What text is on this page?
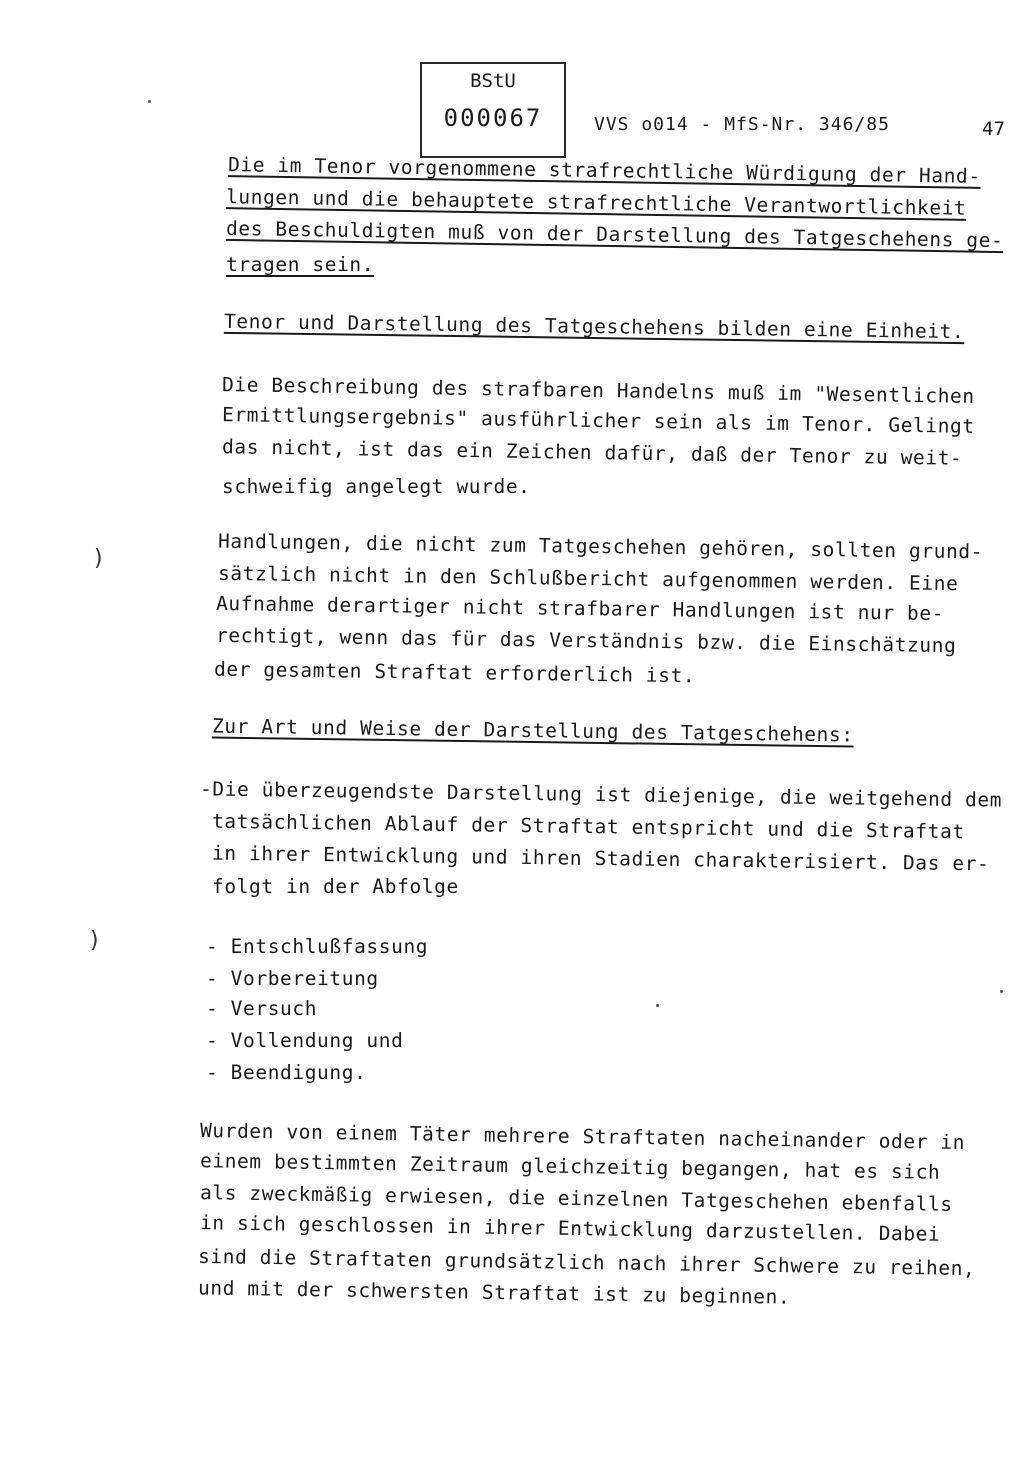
BStU
000067	VVS o014 - MfS-Nr. 346/85	47
Die im Tenor vorgenommene strafrechtliche Würdigung der Hand-
lungen und die behauptete strafrechtliche Verantwortlichkeit
des Beschuldigten muß von der Darstellung des Tatgeschehens ge-
tragen sein.
Tenor und Darstellung des Tatgeschehens bilden eine Einheit.
Die Beschreibung des strafbaren Handelns muß im "Wesentlichen
Ermittlungsergebnis" ausführlicher sein als im Tenor. Gelingt
das nicht, ist das ein Zeichen dafür, daß der Tenor zu weit-
schweifig angelegt wurde.
Handlungen, die nicht zum Tatgeschehen gehören, sollten grund-
sätzlich nicht in den Schlußbericht aufgenommen werden. Eine
Aufnahme derartiger nicht strafbarer Handlungen ist nur be-
rechtigt, wenn das für das Verständnis bzw. die Einschätzung
der gesamten Straftat erforderlich ist.
Zur Art und Weise der Darstellung des Tatgeschehens:
-Die überzeugendste Darstellung ist diejenige, die weitgehend dem
tatsächlichen Ablauf der Straftat entspricht und die Straftat
in ihrer Entwicklung und ihren Stadien charakterisiert. Das er-
folgt in der Abfolge
- Entschlußfassung
- Vorbereitung
- Versuch
- Vollendung und
- Beendigung.
Wurden von einem Täter mehrere Straftaten nacheinander oder in
einem bestimmten Zeitraum gleichzeitig begangen, hat es sich
als zweckmäßig erwiesen, die einzelnen Tatgeschehen ebenfalls
in sich geschlossen in ihrer Entwicklung darzustellen. Dabei
sind die Straftaten grundsätzlich nach ihrer Schwere zu reihen,
und mit der schwersten Straftat ist zu beginnen.
)
)
